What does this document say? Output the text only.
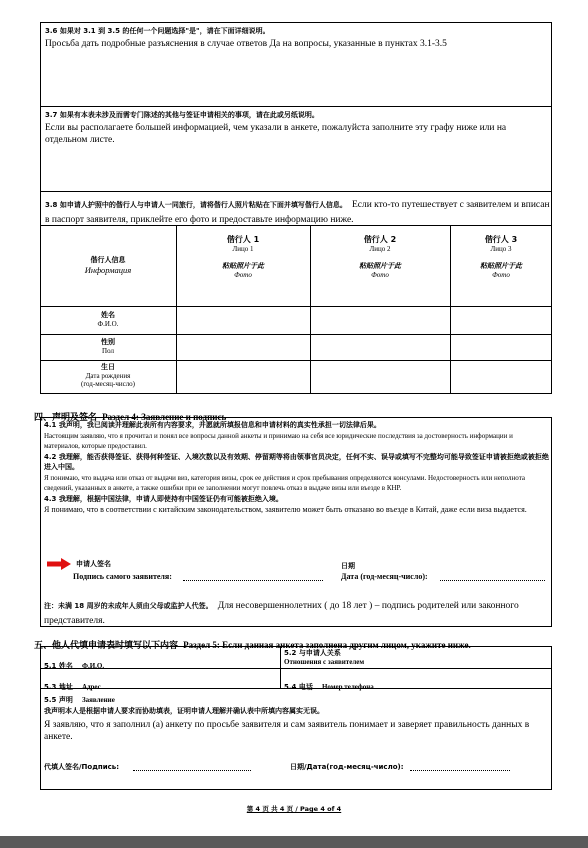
3.6 如果对 3.1 到 3.5 的任何一个问题选择"是"，请在下面详细说明。
Просьба дать подробные разъяснения в случае ответов Да на вопросы, указанные в пунктах 3.1-3.5
3.7 如果有本表未涉及而需专门陈述的其他与签证申请相关的事项，请在此或另纸说明。
Если вы располагаете большей информацией, чем указали в анкете, пожалуйста заполните эту графу ниже или на отдельном листе.
3.8 如申请人护照中的偕行人与申请人一同旅行，请将偕行人照片粘贴在下面并填写偕行人信息。 Если кто-то путешествует с заявителем и вписан в паспорт заявителя, приклейте его фото и предоставьте информацию ниже.
偕行人信息
Информация
偕行人 1
Лицо 1
粘贴照片于此
Фото
偕行人 2
Лицо 2
粘贴照片于此
Фото
偕行人 3
Лицо 3
粘贴照片于此
Фото
姓名
Ф.И.О.
性别
Пол
生日
Дата рождения
(год-месяц-число)
四、声明及签名 Раздел 4: Заявление и подпись
4.1 我声明，我已阅读并理解此表所有内容要求，并愿就所填报信息和申请材料的真实性承担一切法律后果。
Настоящим заявляю, что я прочитал и понял все вопросы данной анкеты и принимаю на себя все юридические последствия за достоверность информации и материалов, которые предоставил.
4.2 我理解，能否获得签证、获得何种签证、入境次数以及有效期、停留期等将由领事官员决定，任何不实、误导或填写不完整均可能导致签证申请被拒绝或被拒绝进入中国。
Я понимаю, что выдача или отказ от выдачи виз, категория визы, срок ее действия и срок пребывания определяются консулами. Недостоверность или неполнота сведений, указанных в анкете, а также ошибки при ее заполнении могут повлечь отказ в выдаче визы или въезде в КНР.
4.3 我理解，根据中国法律，申请人即使持有中国签证仍有可能被拒绝入境。
Я понимаю, что в соответствии с китайским законодательством, заявителю может быть отказано во въезде в Китай, даже если виза выдается.
申请人签名
Подпись самого заявителя:
日期
Дата (год-месяц-число):
注：未满 18 周岁的未成年人须由父母或监护人代签。 Для несовершеннолетних ( до 18 лет ) – подпись родителей или законного представителя.
五、他人代填申请表时填写以下内容 Раздел 5: Если данная анкета заполнена другим лицом, укажите ниже.
5.1 姓名 Ф.И.О.
5.2 与申请人关系
Отношения с заявителем
5.3 地址 Адрес	5.4 电话 Номер телефона
5.5 声明 Заявление
我声明本人是根据申请人要求而协助填表，证明申请人理解并确认表中所填内容属实无误。
Я заявляю, что я заполнил (а) анкету по просьбе заявителя и сам заявитель понимает и заверяет правильность данных в анкете.
代填人签名/Подпись:	日期/Дата(год-месяц-число):
第 4 页 共 4 页 / Page 4 of 4
